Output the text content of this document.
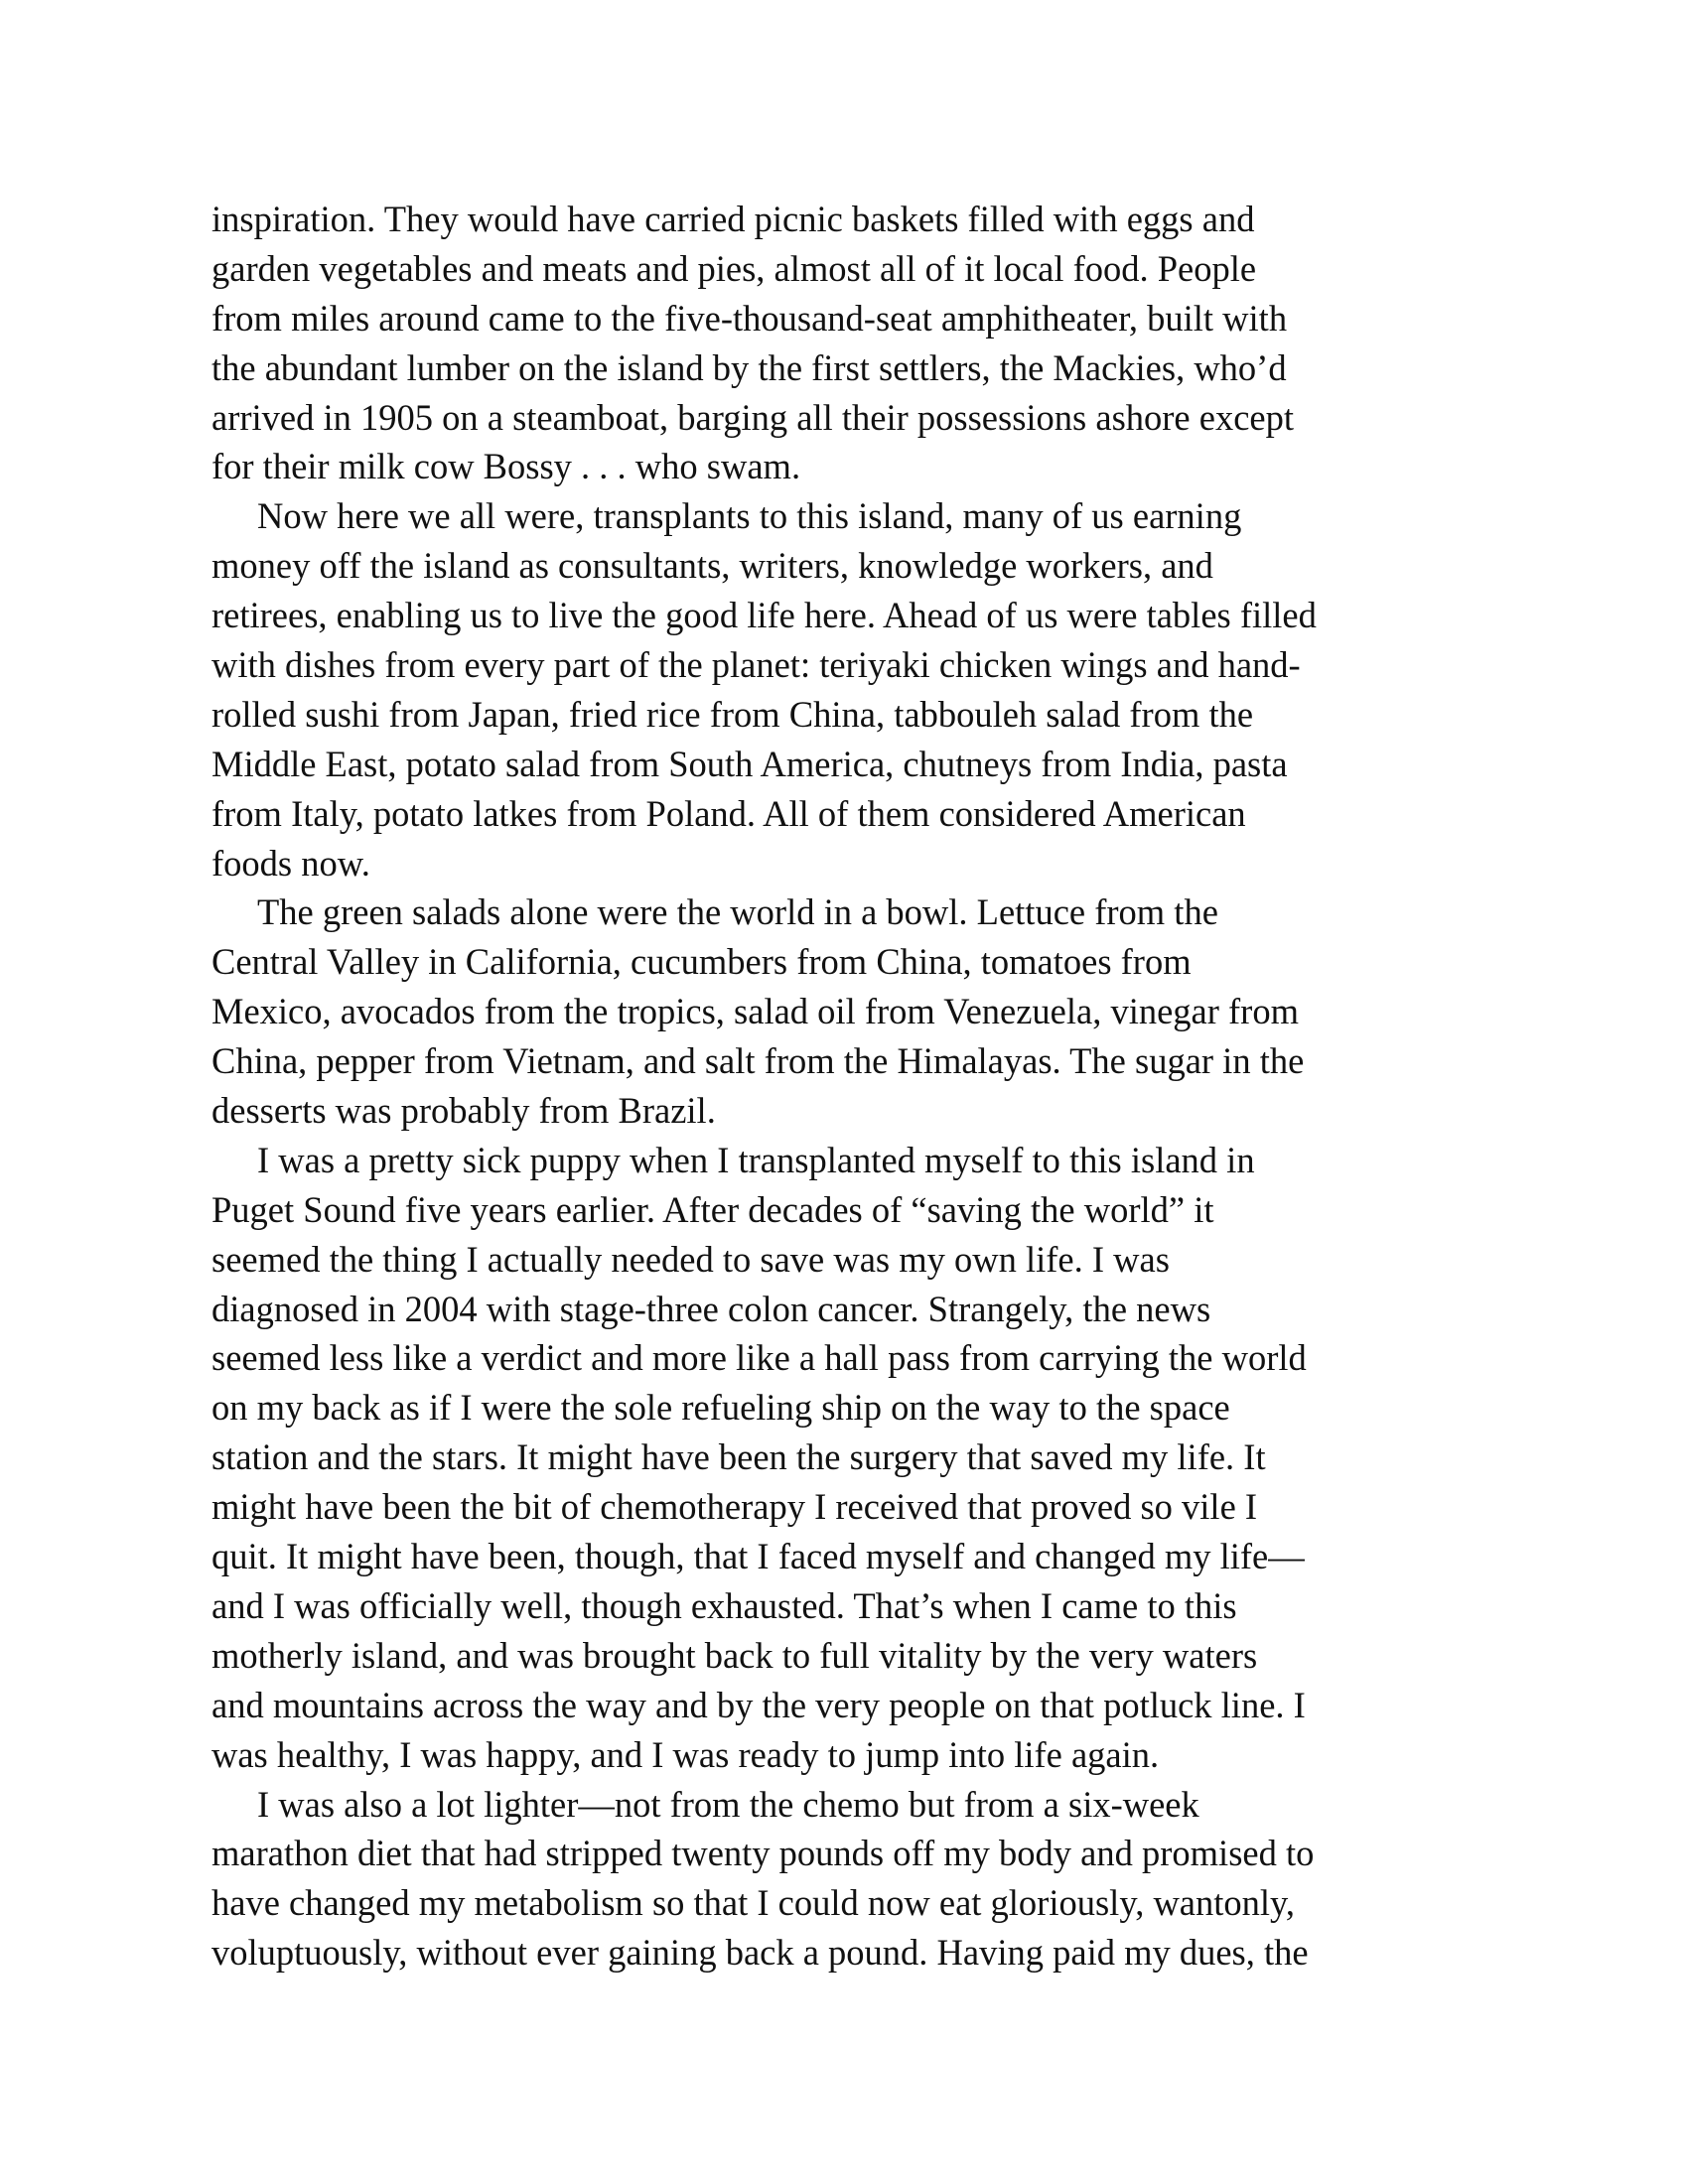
inspiration. They would have carried picnic baskets filled with eggs and
garden vegetables and meats and pies, almost all of it local food. People
from miles around came to the five-thousand-seat amphitheater, built with
the abundant lumber on the island by the first settlers, the Mackies, who’d
arrived in 1905 on a steamboat, barging all their possessions ashore except
for their milk cow Bossy . . . who swam.
Now here we all were, transplants to this island, many of us earning
money off the island as consultants, writers, knowledge workers, and
retirees, enabling us to live the good life here. Ahead of us were tables filled
with dishes from every part of the planet: teriyaki chicken wings and hand-
rolled sushi from Japan, fried rice from China, tabbouleh salad from the
Middle East, potato salad from South America, chutneys from India, pasta
from Italy, potato latkes from Poland. All of them considered American
foods now.
The green salads alone were the world in a bowl. Lettuce from the
Central Valley in California, cucumbers from China, tomatoes from
Mexico, avocados from the tropics, salad oil from Venezuela, vinegar from
China, pepper from Vietnam, and salt from the Himalayas. The sugar in the
desserts was probably from Brazil.
I was a pretty sick puppy when I transplanted myself to this island in
Puget Sound five years earlier. After decades of “saving the world” it
seemed the thing I actually needed to save was my own life. I was
diagnosed in 2004 with stage-three colon cancer. Strangely, the news
seemed less like a verdict and more like a hall pass from carrying the world
on my back as if I were the sole refueling ship on the way to the space
station and the stars. It might have been the surgery that saved my life. It
might have been the bit of chemotherapy I received that proved so vile I
quit. It might have been, though, that I faced myself and changed my life—
and I was officially well, though exhausted. That’s when I came to this
motherly island, and was brought back to full vitality by the very waters
and mountains across the way and by the very people on that potluck line. I
was healthy, I was happy, and I was ready to jump into life again.
I was also a lot lighter—not from the chemo but from a six-week
marathon diet that had stripped twenty pounds off my body and promised to
have changed my metabolism so that I could now eat gloriously, wantonly,
voluptuously, without ever gaining back a pound. Having paid my dues, the
